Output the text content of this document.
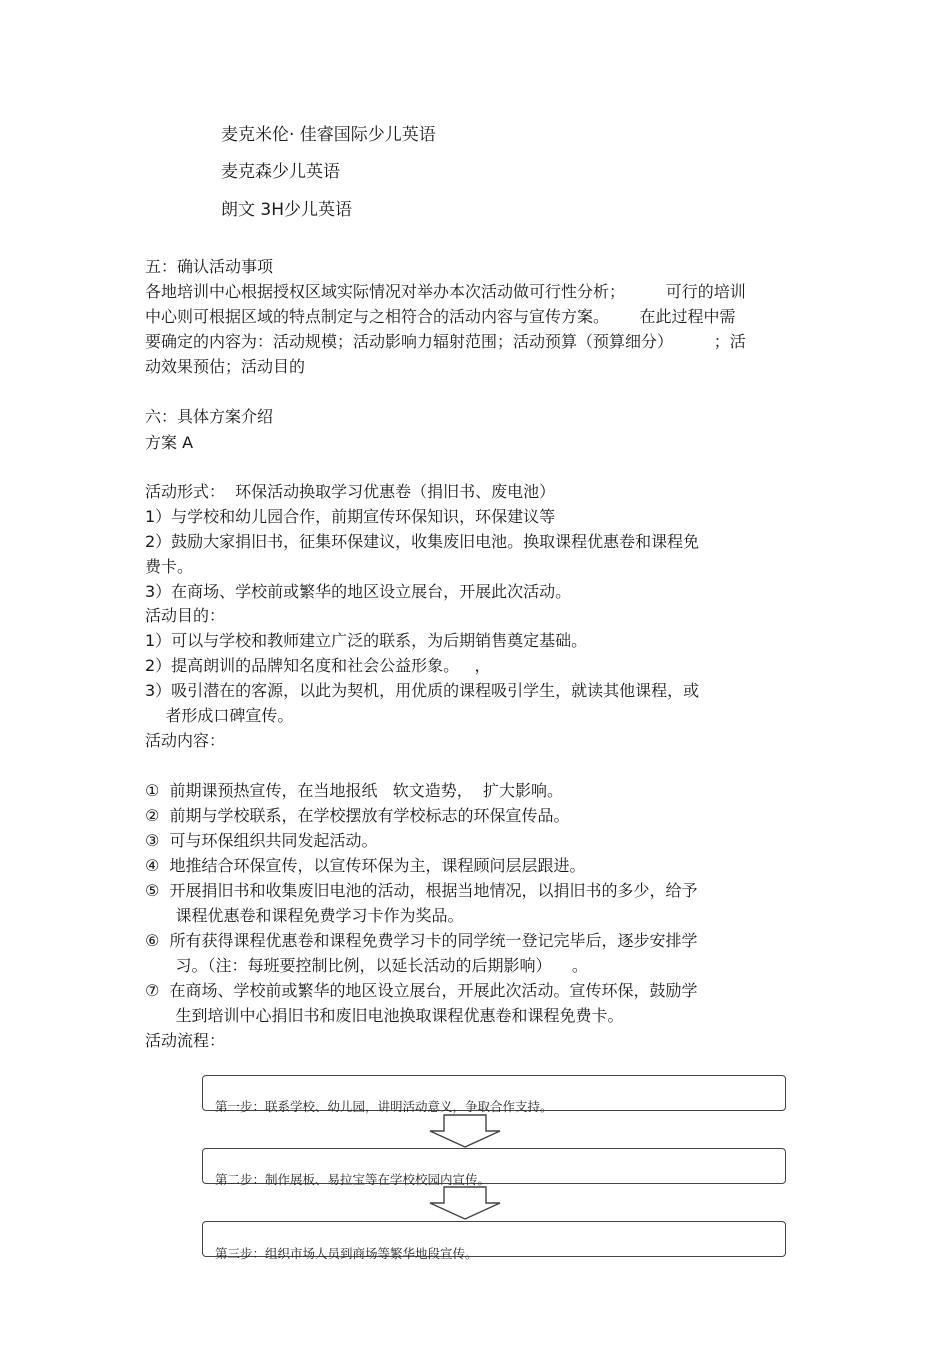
麦克米伦· 佳睿国际少儿英语
麦克森少儿英语
朗文 3H少儿英语
五：确认活动事项
各地培训中心根据授权区域实际情况对举办本次活动做可行性分析；        可行的培训
中心则可根据区域的特点制定与之相符合的活动内容与宣传方案。      在此过程中需
要确定的内容为：活动规模；活动影响力辐射范围；活动预算（预算细分）        ；活
动效果预估；活动目的
六：具体方案介绍
方案 A
活动形式：  环保活动换取学习优惠卷（捐旧书、废电池）
1）与学校和幼儿园合作，前期宣传环保知识，环保建议等
2）鼓励大家捐旧书，征集环保建议，收集废旧电池。换取课程优惠卷和课程免
费卡。
3）在商场、学校前或繁华的地区设立展台，开展此次活动。
活动目的：
1）可以与学校和教师建立广泛的联系，为后期销售奠定基础。
2）提高朗训的品牌知名度和社会公益形象。   ，
3）吸引潜在的客源，以此为契机，用优质的课程吸引学生，就读其他课程，或
者形成口碑宣传。
活动内容：
①  前期课预热宣传，在当地报纸   软文造势，  扩大影响。
②  前期与学校联系，在学校摆放有学校标志的环保宣传品。
③  可与环保组织共同发起活动。
④  地推结合环保宣传，以宣传环保为主，课程顾问层层跟进。
⑤  开展捐旧书和收集废旧电池的活动，根据当地情况，以捐旧书的多少，给予
课程优惠卷和课程免费学习卡作为奖品。
⑥  所有获得课程优惠卷和课程免费学习卡的同学统一登记完毕后，逐步安排学
习。（注：每班要控制比例，以延长活动的后期影响）    。
⑦  在商场、学校前或繁华的地区设立展台，开展此次活动。宣传环保，鼓励学
生到培训中心捐旧书和废旧电池换取课程优惠卷和课程免费卡。
活动流程：
第一步：联系学校、幼儿园，讲明活动意义，争取合作支持。
第二步：制作展板、易拉宝等在学校校园内宣传。
第三步：组织市场人员到商场等繁华地段宣传。
